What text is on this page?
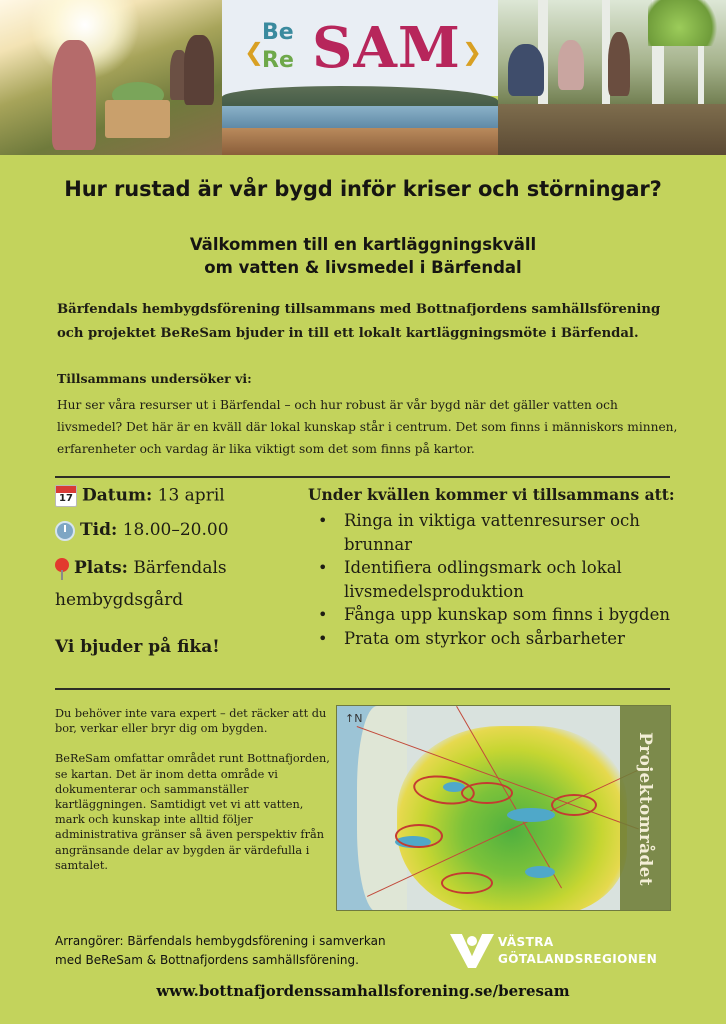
❮
Be
Re SAM ❯
Hur rustad är vår bygd inför kriser och störningar?
Välkommen till en kartläggningskväll
om vatten & livsmedel i Bärfendal

Bärfendals hembygdsförening tillsammans med Bottnafjordens samhällsförening och projektet BeReSam bjuder in till ett lokalt kartläggningsmöte i Bärfendal.

Tillsammans undersöker vi:

Hur ser våra resurser ut i Bärfendal – och hur robust är vår bygd när det gäller vatten och livsmedel? Det här är en kväll där lokal kunskap står i centrum. Det som finns i människors minnen, erfarenheter och vardag är lika viktigt som det som finns på kartor.

17 Datum: 13 april
Tid: 18.00–20.00
Plats: Bärfendals hembygdsgård
Vi bjuder på fika!
Under kvällen kommer vi tillsammans att:
• Ringa in viktiga vattenresurser och brunnar
• Identifiera odlingsmark och lokal livsmedelsproduktion
• Fånga upp kunskap som finns i bygden
• Prata om styrkor och sårbarheter

Du behöver inte vara expert – det räcker att du bor, verkar eller bryr dig om bygden.

BeReSam omfattar området runt Bottnafjorden, se kartan. Det är inom detta område vi dokumenterar och sammanställer kartläggningen. Samtidigt vet vi att vatten, mark och kunskap inte alltid följer administrativa gränser så även perspektiv från angränsande delar av bygden är värdefulla i samtalet.

↑N
Projektområdet
Arrangörer: Bärfendals hembygdsförening i samverkan
med BeReSam & Bottnafjordens samhällsförening.
VÄSTRA
GÖTALANDSREGIONEN
www.bottnafjordenssamhallsforening.se/beresam
